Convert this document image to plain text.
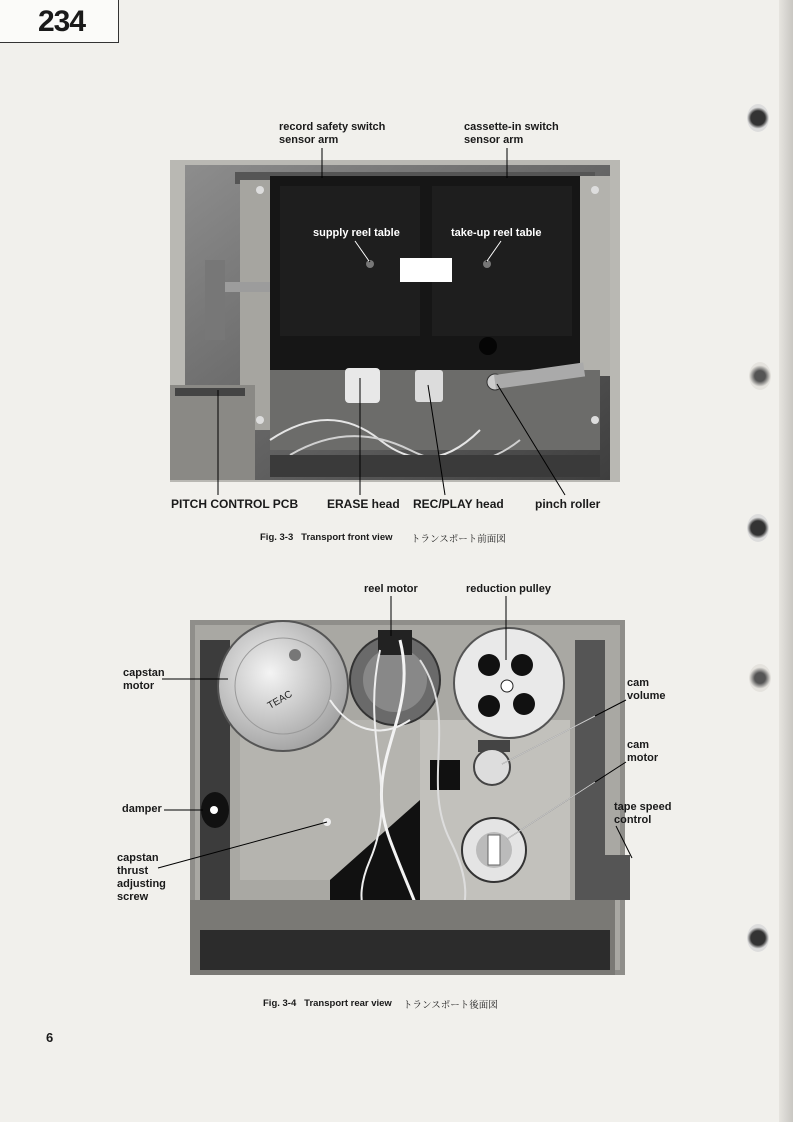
234
record safety switch
sensor arm
cassette-in switch
sensor arm
supply reel table	take-up reel table
PITCH CONTROL PCB ERASE head REC/PLAY head	pinch roller
Fig. 3-3   Transport front view トランスポート前面図
TEAC
reel motor	reduction pulley
capstan
motor	cam
volume
cam
motor
damper	tape speed
control
capstan
thrust
adjusting
screw
Fig. 3-4   Transport rear view トランスポート後面図
6
